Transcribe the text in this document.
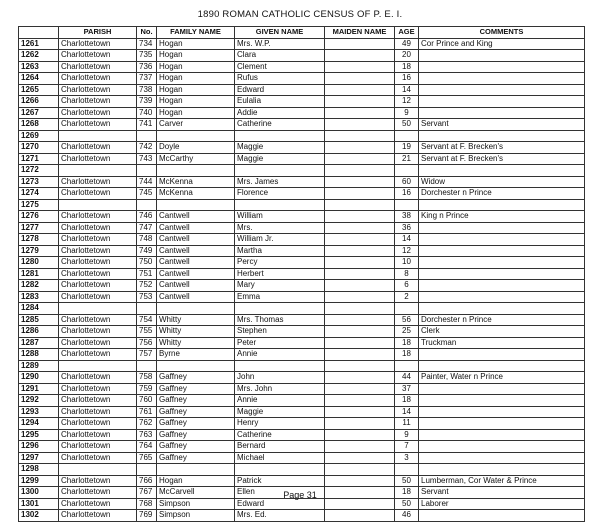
1890 ROMAN CATHOLIC CENSUS OF P. E. I.
	PARISH	No.	FAMILY NAME	GIVEN NAME	MAIDEN NAME	AGE	COMMENTS
1261	Charlottetown	734	Hogan	Mrs. W.P.		49	Cor Prince and King
1262	Charlottetown	735	Hogan	Clara		20	
1263	Charlottetown	736	Hogan	Clement		18	
1264	Charlottetown	737	Hogan	Rufus		16	
1265	Charlottetown	738	Hogan	Edward		14	
1266	Charlottetown	739	Hogan	Eulalia		12	
1267	Charlottetown	740	Hogan	Addie		9	
1268	Charlottetown	741	Carver	Catherine		50	Servant
1269							
1270	Charlottetown	742	Doyle	Maggie		19	Servant at F. Brecken's
1271	Charlottetown	743	McCarthy	Maggie		21	Servant at F. Brecken's
1272							
1273	Charlottetown	744	McKenna	Mrs. James		60	Widow
1274	Charlottetown	745	McKenna	Florence		16	Dorchester n Prince
1275							
1276	Charlottetown	746	Cantwell	William		38	King n Prince
1277	Charlottetown	747	Cantwell	Mrs.		36	
1278	Charlottetown	748	Cantwell	William Jr.		14	
1279	Charlottetown	749	Cantwell	Martha		12	
1280	Charlottetown	750	Cantwell	Percy		10	
1281	Charlottetown	751	Cantwell	Herbert		8	
1282	Charlottetown	752	Cantwell	Mary		6	
1283	Charlottetown	753	Cantwell	Emma		2	
1284							
1285	Charlottetown	754	Whitty	Mrs. Thomas		56	Dorchester n Prince
1286	Charlottetown	755	Whitty	Stephen		25	Clerk
1287	Charlottetown	756	Whitty	Peter		18	Truckman
1288	Charlottetown	757	Byrne	Annie		18	
1289							
1290	Charlottetown	758	Gaffney	John		44	Painter, Water n Prince
1291	Charlottetown	759	Gaffney	Mrs. John		37	
1292	Charlottetown	760	Gaffney	Annie		18	
1293	Charlottetown	761	Gaffney	Maggie		14	
1294	Charlottetown	762	Gaffney	Henry		11	
1295	Charlottetown	763	Gaffney	Catherine		9	
1296	Charlottetown	764	Gaffney	Bernard		7	
1297	Charlottetown	765	Gaffney	Michael		3	
1298							
1299	Charlottetown	766	Hogan	Patrick		50	Lumberman, Cor Water & Prince
1300	Charlottetown	767	McCarvell	Ellen		18	Servant
1301	Charlottetown	768	Simpson	Edward		50	Laborer
1302	Charlottetown	769	Simpson	Mrs. Ed.		46	
Page 31
